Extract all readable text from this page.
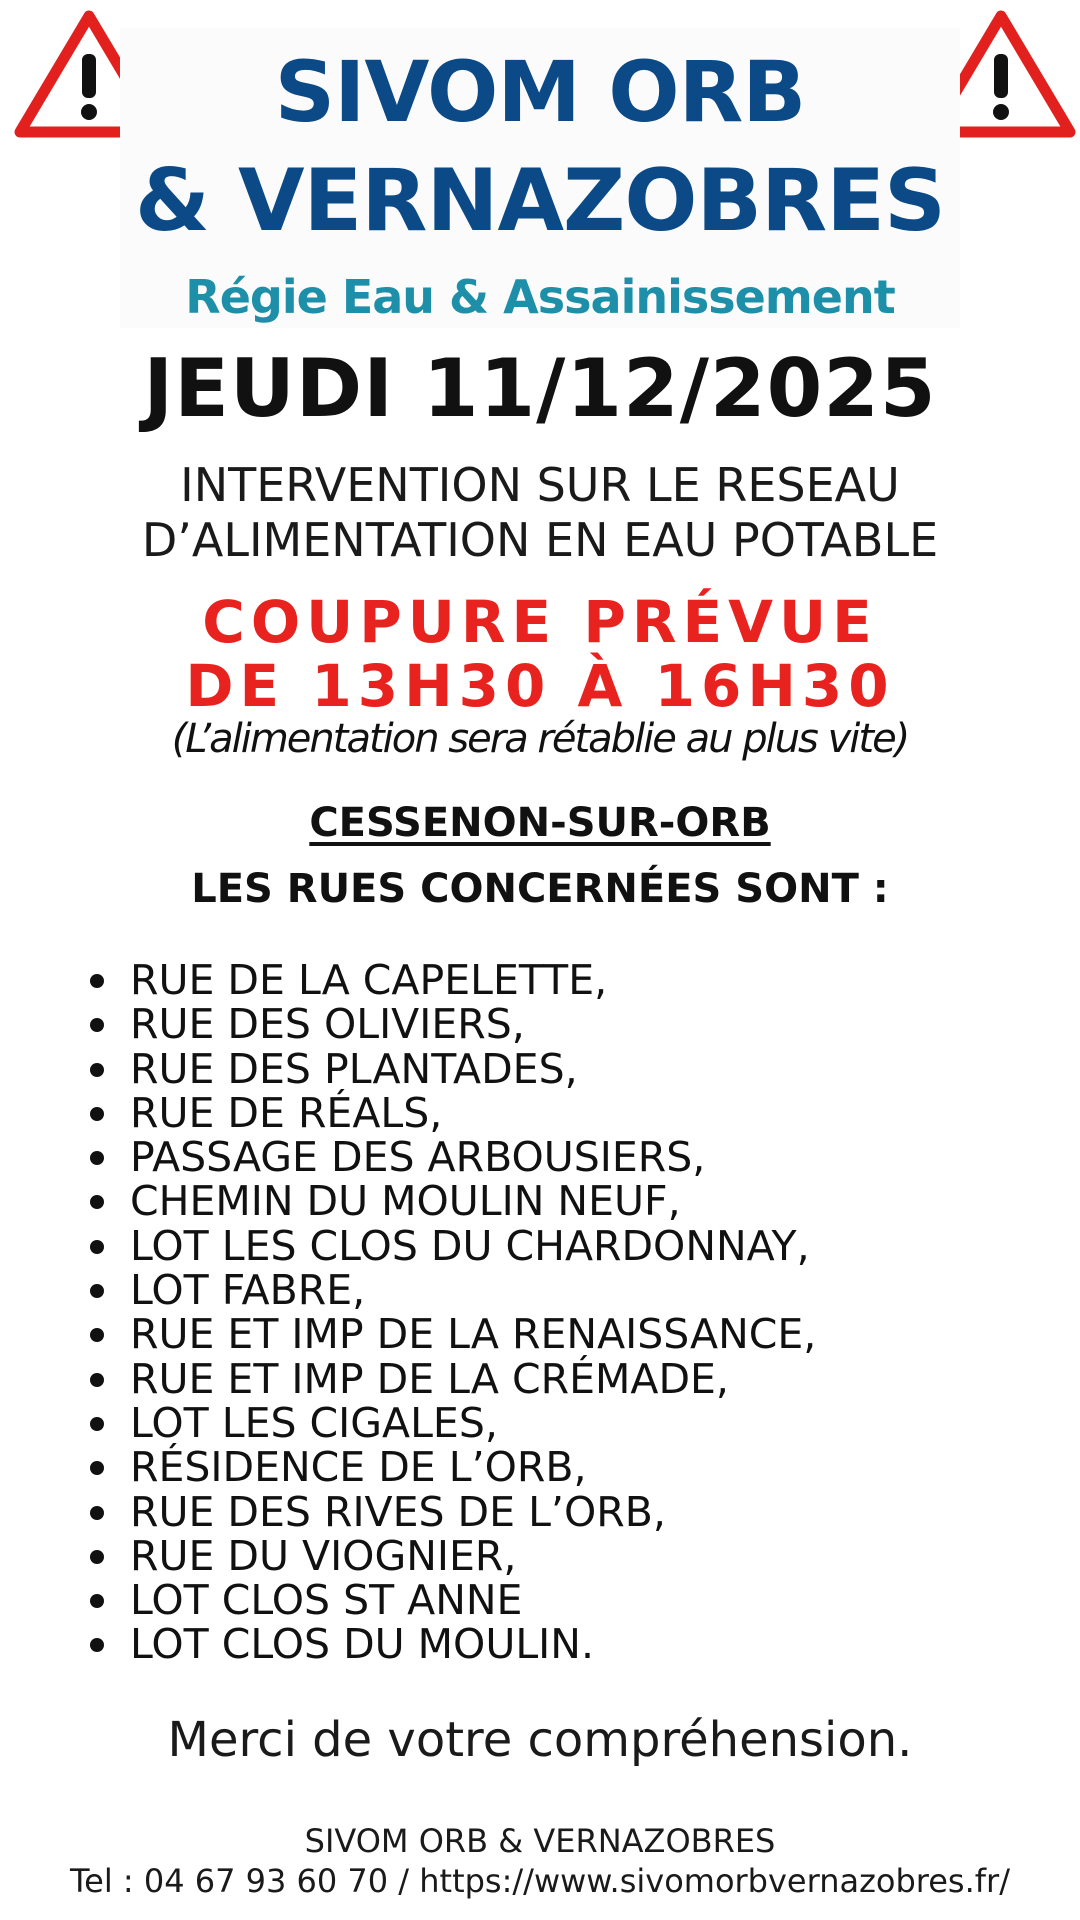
SIVOM ORB
& VERNAZOBRES
Régie Eau & Assainissement
JEUDI 11/12/2025
INTERVENTION SUR LE RESEAU
D’ALIMENTATION EN EAU POTABLE
COUPURE PRÉVUE
DE 13H30 À 16H30
(L’alimentation sera rétablie au plus vite)
CESSENON-SUR-ORB
LES RUES CONCERNÉES SONT :
RUE DE LA CAPELETTE,
RUE DES OLIVIERS,
RUE DES PLANTADES,
RUE DE RÉALS,
PASSAGE DES ARBOUSIERS,
CHEMIN DU MOULIN NEUF,
LOT LES CLOS DU CHARDONNAY,
LOT FABRE,
RUE ET IMP DE LA RENAISSANCE,
RUE ET IMP DE LA CRÉMADE,
LOT LES CIGALES,
RÉSIDENCE DE L’ORB,
RUE DES RIVES DE L’ORB,
RUE DU VIOGNIER,
LOT CLOS ST ANNE
LOT CLOS DU MOULIN.
Merci de votre compréhension.
SIVOM ORB & VERNAZOBRES
Tel : 04 67 93 60 70 / https://www.sivomorbvernazobres.fr/
